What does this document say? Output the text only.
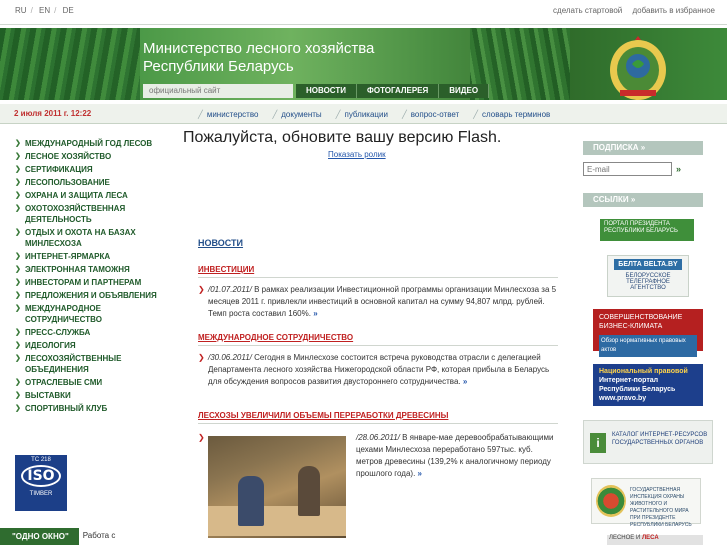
RU / EN / DE	сделать стартовой добавить в избранное
Министерство лесного хозяйства
Республики Беларусь
официальный сайт	НОВОСТИ	ФОТОГАЛЕРЕЯ	ВИДЕО
2 июля 2011 г. 12:22	╱ министерство	╱ документы	╱ публикации	╱ вопрос-ответ	╱ словарь терминов
❯ МЕЖДУНАРОДНЫЙ ГОД ЛЕСОВ
❯ ЛЕСНОЕ ХОЗЯЙСТВО
❯ СЕРТИФИКАЦИЯ
❯ ЛЕСОПОЛЬЗОВАНИЕ
❯ ОХРАНА И ЗАЩИТА ЛЕСА
❯ ОХОТОХОЗЯЙСТВЕННАЯ ДЕЯТЕЛЬНОСТЬ
❯ ОТДЫХ И ОХОТА НА БАЗАХ МИНЛЕСХОЗА
❯ ИНТЕРНЕТ-ЯРМАРКА
❯ ЭЛЕКТРОННАЯ ТАМОЖНЯ
❯ ИНВЕСТОРАМ И ПАРТНЕРАМ
❯ ПРЕДЛОЖЕНИЯ И ОБЪЯВЛЕНИЯ
❯ МЕЖДУНАРОДНОЕ СОТРУДНИЧЕСТВО
❯ ПРЕСС-СЛУЖБА
❯ ИДЕОЛОГИЯ
❯ ЛЕСОХОЗЯЙСТВЕННЫЕ ОБЪЕДИНЕНИЯ
❯ ОТРАСЛЕВЫЕ СМИ
❯ ВЫСТАВКИ
❯ СПОРТИВНЫЙ КЛУБ
TC 218
ISO
TIMBER
"ОДНО ОКНО"	Работа с
Пожалуйста, обновите вашу версию Flash.
Показать ролик
НОВОСТИ
ИНВЕСТИЦИИ
❯ /01.07.2011/ В рамках реализации Инвестиционной программы организации Минлесхоза за 5 месяцев 2011 г. привлекли инвестиций в основной капитал на сумму 94,807 млрд. рублей. Темп роста составил 160%. »
МЕЖДУНАРОДНОЕ СОТРУДНИЧЕСТВО
❯ /30.06.2011/ Сегодня в Минлесхозе состоится встреча руководства отрасли с делегацией Департамента лесного хозяйства Нижегородской области РФ, которая прибыла в Беларусь для обсуждения вопросов развития двустороннего сотрудничества. »
ЛЕСХОЗЫ УВЕЛИЧИЛИ ОБЪЕМЫ ПЕРЕРАБОТКИ ДРЕВЕСИНЫ
❯	/28.06.2011/ В январе-мае деревообрабатывающими цехами Минлесхоза переработано 597тыс. куб. метров древесины (139,2% к аналогичному периоду прошлого года). »
ПОДПИСКА »
E-mail
»
ССЫЛКИ »
ПОРТАЛ ПРЕЗИДЕНТА РЕСПУБЛИКИ БЕЛАРУСЬ
БЕЛТА BELTA.BY
БЕЛОРУССКОЕ ТЕЛЕГРАФНОЕ АГЕНТСТВО
СОВЕРШЕНСТВОВАНИЕ БИЗНЕС-КЛИМАТА
Обзор нормативных правовых актов
Национальный правовой
Интернет-портал Республики Беларусь
www.pravo.by
i
КАТАЛОГ ИНТЕРНЕТ-РЕСУРСОВ ГОСУДАРСТВЕННЫХ ОРГАНОВ
ГОСУДАРСТВЕННАЯ ИНСПЕКЦИЯ ОХРАНЫ ЖИВОТНОГО И РАСТИТЕЛЬНОГО МИРА ПРИ ПРЕЗИДЕНТЕ РЕСПУБЛИКИ БЕЛАРУСЬ
ЛЕСНОЕ И ЛЕСА
